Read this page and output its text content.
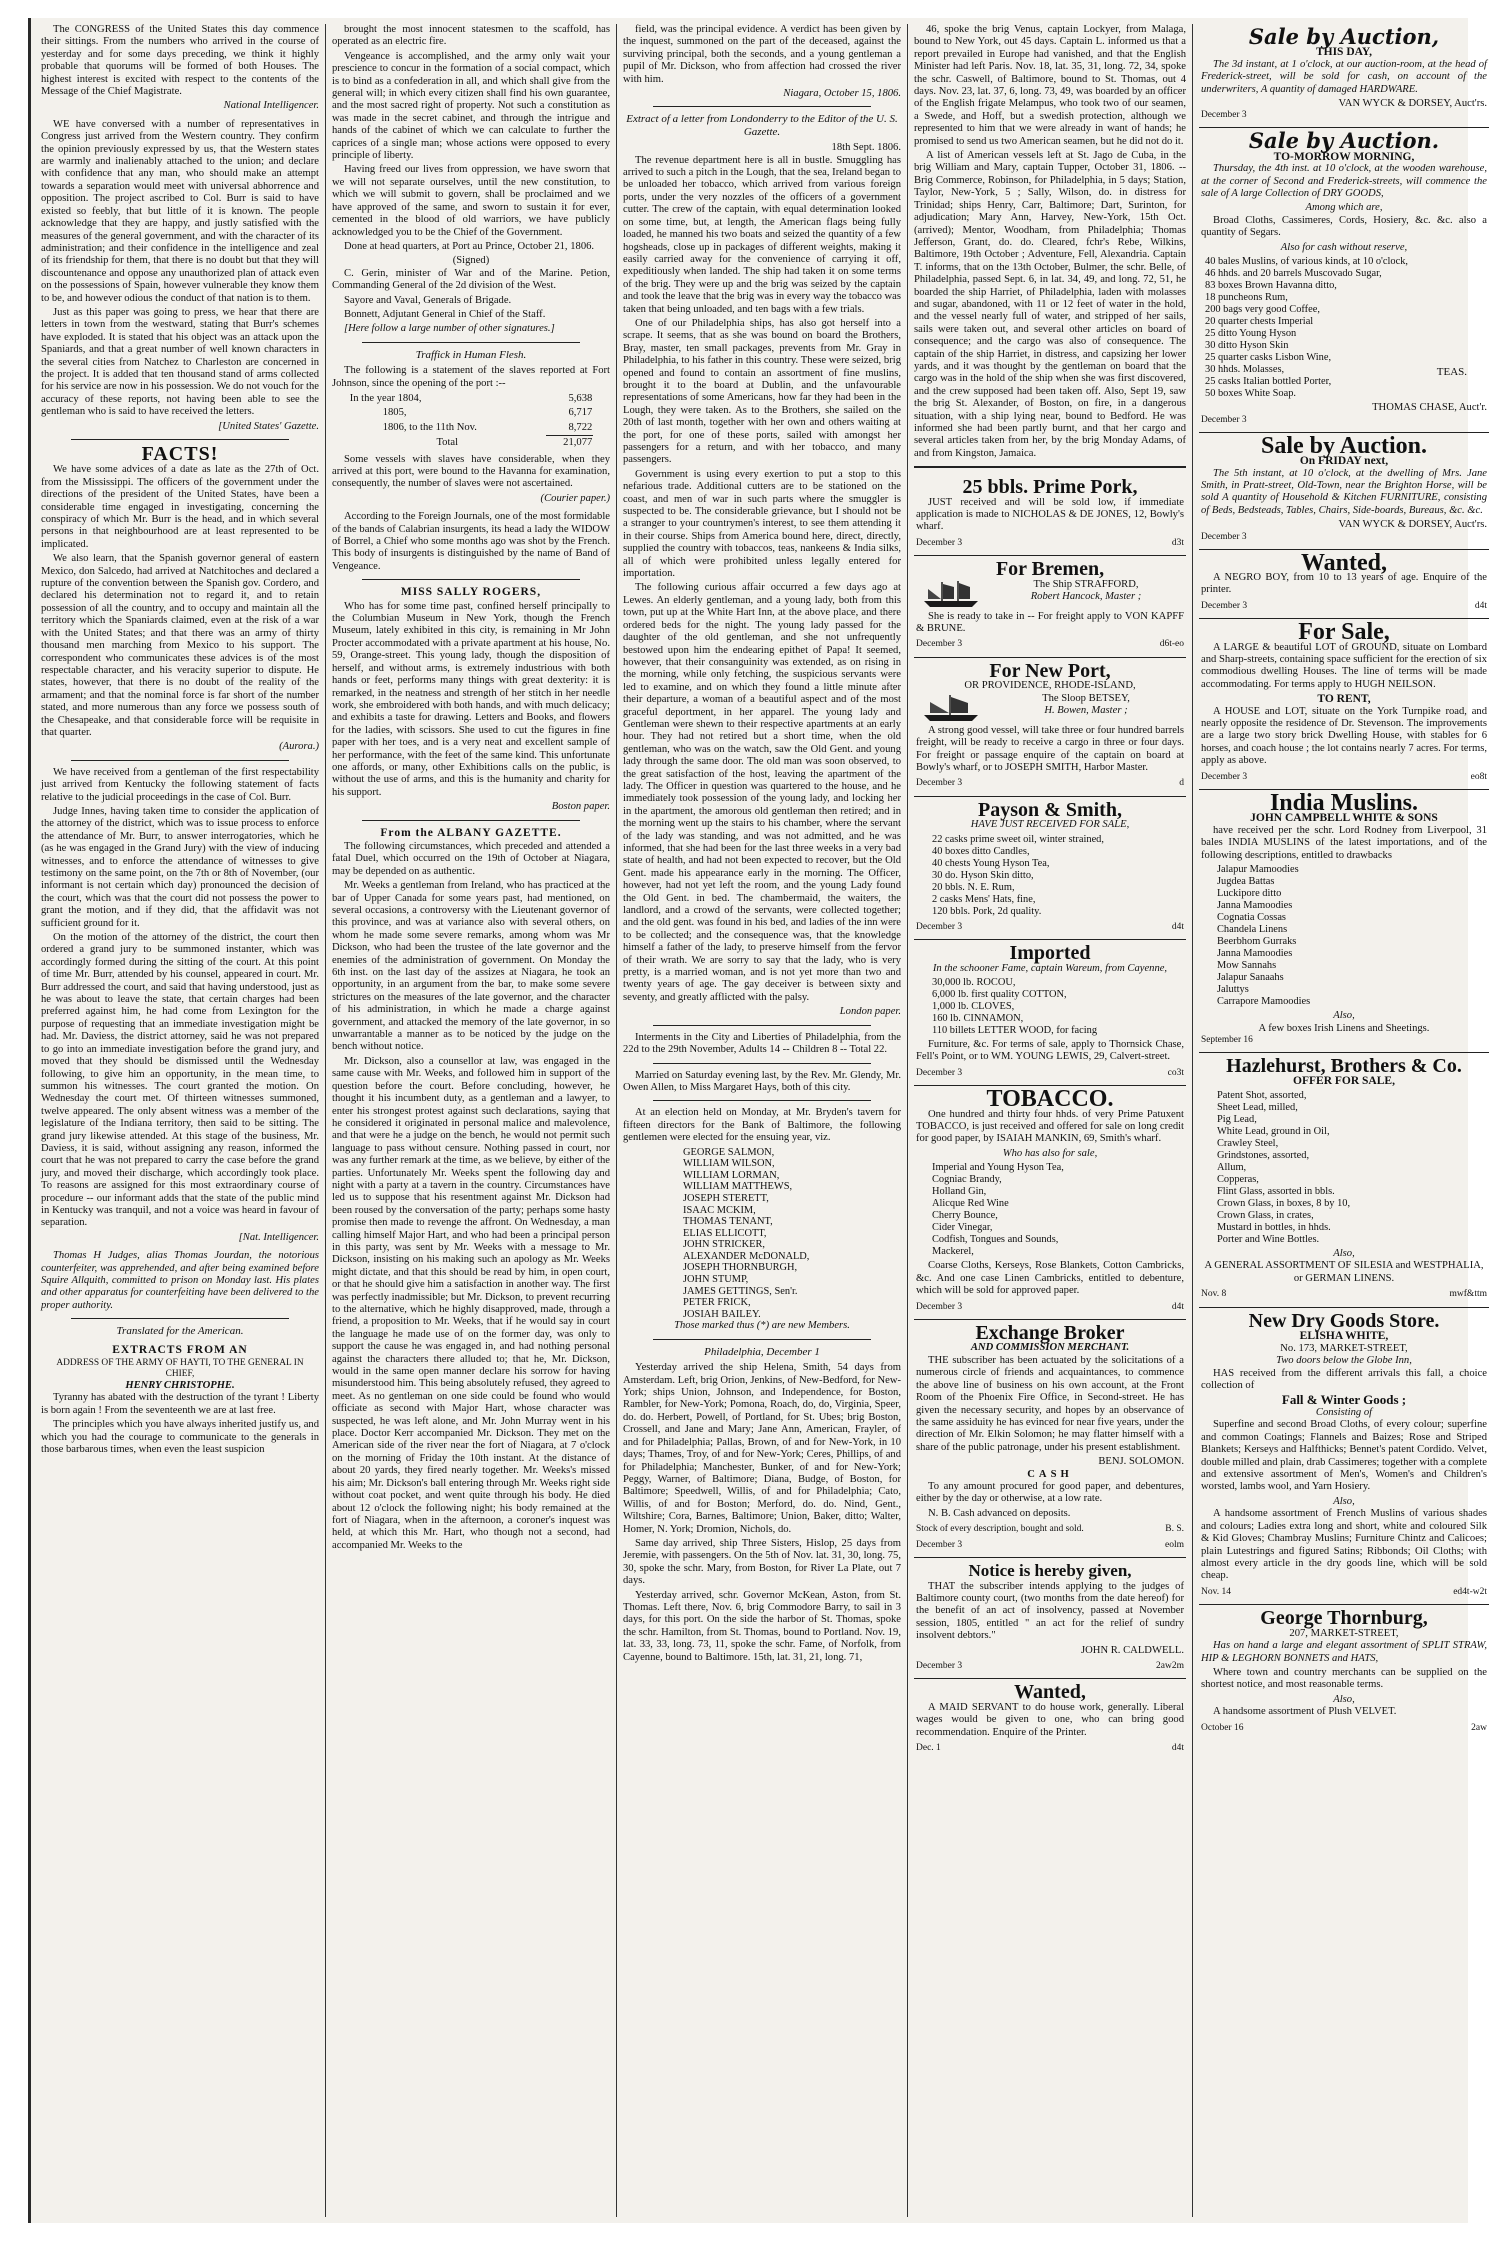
The CONGRESS of the United States this day commence their sittings. From the numbers who arrived in the course of yesterday and for some days preceding, we think it highly probable that quorums will be formed of both Houses. The highest interest is excited with respect to the contents of the Message of the Chief Magistrate.

National Intelligencer.

WE have conversed with a number of representatives in Congress just arrived from the Western country. They confirm the opinion previously expressed by us, that the Western states are warmly and inalienably attached to the union; and declare with confidence that any man, who should make an attempt towards a separation would meet with universal abhorrence and opposition. The project ascribed to Col. Burr is said to have existed so feebly, that but little of it is known. The people acknowledge that they are happy, and justly satisfied with the measures of the general government, and with the character of its administration; and their confidence in the intelligence and zeal of its friendship for them, that there is no doubt but that they will discountenance and oppose any unauthorized plan of attack even on the possessions of Spain, however vulnerable they know them to be, and however odious the conduct of that nation is to them.

Just as this paper was going to press, we hear that there are letters in town from the westward, stating that Burr's schemes have exploded. It is stated that his object was an attack upon the Spaniards, and that a great number of well known characters in the several cities from Natchez to Charleston are concerned in the project. It is added that ten thousand stand of arms collected for his service are now in his possession. We do not vouch for the accuracy of these reports, not having been able to see the gentleman who is said to have received the letters.

[United States' Gazette.
FACTS!

We have some advices of a date as late as the 27th of Oct. from the Mississippi. The officers of the government under the directions of the president of the United States, have been a considerable time engaged in investigating, concerning the conspiracy of which Mr. Burr is the head, and in which several persons in that neighbourhood are at least represented to be implicated.

We also learn, that the Spanish governor general of eastern Mexico, don Salcedo, had arrived at Natchitoches and declared a rupture of the convention between the Spanish gov. Cordero, and declared his determination not to regard it, and to retain possession of all the country, and to occupy and maintain all the territory which the Spaniards claimed, even at the risk of a war with the United States; and that there was an army of thirty thousand men marching from Mexico to his support. The correspondent who communicates these advices is of the most respectable character, and his veracity superior to dispute. He states, however, that there is no doubt of the reality of the armament; and that the nominal force is far short of the number stated, and more numerous than any force we possess south of the Chesapeake, and that considerable force will be requisite in that quarter.

(Aurora.)

We have received from a gentleman of the first respectability just arrived from Kentucky the following statement of facts relative to the judicial proceedings in the case of Col. Burr.

Judge Innes, having taken time to consider the application of the attorney of the district, which was to issue process to enforce the attendance of Mr. Burr, to answer interrogatories, which he (as he was engaged in the Grand Jury) with the view of inducing witnesses, and to enforce the attendance of witnesses to give testimony on the same point, on the 7th or 8th of November, (our informant is not certain which day) pronounced the decision of the court, which was that the court did not possess the power to grant the motion, and if they did, that the affidavit was not sufficient ground for it.

On the motion of the attorney of the district, the court then ordered a grand jury to be summoned instanter, which was accordingly formed during the sitting of the court. At this point of time Mr. Burr, attended by his counsel, appeared in court. Mr. Burr addressed the court, and said that having understood, just as he was about to leave the state, that certain charges had been preferred against him, he had come from Lexington for the purpose of requesting that an immediate investigation might be had. Mr. Daviess, the district attorney, said he was not prepared to go into an immediate investigation before the grand jury, and moved that they should be dismissed until the Wednesday following, to give him an opportunity, in the mean time, to summon his witnesses. The court granted the motion. On Wednesday the court met. Of thirteen witnesses summoned, twelve appeared. The only absent witness was a member of the legislature of the Indiana territory, then said to be sitting. The grand jury likewise attended. At this stage of the business, Mr. Daviess, it is said, without assigning any reason, informed the court that he was not prepared to carry the case before the grand jury, and moved their discharge, which accordingly took place. To reasons are assigned for this most extraordinary course of procedure -- our informant adds that the state of the public mind in Kentucky was tranquil, and not a voice was heard in favour of separation.

[Nat. Intelligencer.

Thomas H Judges, alias Thomas Jourdan, the notorious counterfeiter, was apprehended, and after being examined before Squire Allquith, committed to prison on Monday last. His plates and other apparatus for counterfeiting have been delivered to the proper authority.

Translated for the American.
EXTRACTS FROM AN
ADDRESS OF THE ARMY OF HAYTI, TO THE GENERAL IN CHIEF,
HENRY CHRISTOPHE.

Tyranny has abated with the destruction of the tyrant ! Liberty is born again ! From the seventeenth we are at last free.

The principles which you have always inherited justify us, and which you had the courage to communicate to the generals in those barbarous times, when even the least suspicion

brought the most innocent statesmen to the scaffold, has operated as an electric fire.

Vengeance is accomplished, and the army only wait your prescience to concur in the formation of a social compact, which is to bind as a confederation in all, and which shall give from the general will; in which every citizen shall find his own guarantee, and the most sacred right of property. Not such a constitution as was made in the secret cabinet, and through the intrigue and hands of the cabinet of which we can calculate to further the caprices of a single man; whose actions were opposed to every principle of liberty.

Having freed our lives from oppression, we have sworn that we will not separate ourselves, until the new constitution, to which we will submit to govern, shall be proclaimed and we have approved of the same, and sworn to sustain it for ever, cemented in the blood of old warriors, we have publicly acknowledged you to be the Chief of the Government.

Done at head quarters, at Port au Prince, October 21, 1806.

(Signed)

C. Gerin, minister of War and of the Marine. Petion, Commanding General of the 2d division of the West.

Sayore and Vaval, Generals of Brigade.

Bonnett, Adjutant General in Chief of the Staff.

[Here follow a large number of other signatures.]

Traffick in Human Flesh.

The following is a statement of the slaves reported at Fort Johnson, since the opening of the port :--

In the year 1804,	5,638
1805,	6,717
1806, to the 11th Nov.	8,722
Total	21,077

Some vessels with slaves have considerable, when they arrived at this port, were bound to the Havanna for examination, consequently, the number of slaves were not ascertained.

(Courier paper.)

According to the Foreign Journals, one of the most formidable of the bands of Calabrian insurgents, its head a lady the WIDOW of Borrel, a Chief who some months ago was shot by the French. This body of insurgents is distinguished by the name of Band of Vengeance.

MISS SALLY ROGERS,

Who has for some time past, confined herself principally to the Columbian Museum in New York, though the French Museum, lately exhibited in this city, is remaining in Mr John Procter accommodated with a private apartment at his house, No. 59, Orange-street. This young lady, though the disposition of herself, and without arms, is extremely industrious with both hands or feet, performs many things with great dexterity: it is remarked, in the neatness and strength of her stitch in her needle work, she embroidered with both hands, and with much delicacy; and exhibits a taste for drawing. Letters and Books, and flowers for the ladies, with scissors. She used to cut the figures in fine paper with her toes, and is a very neat and excellent sample of her performance, with the feet of the same kind. This unfortunate one affords, or many, other Exhibitions calls on the public, is without the use of arms, and this is the humanity and charity for his support.

Boston paper.
From the ALBANY GAZETTE.

The following circumstances, which preceded and attended a fatal Duel, which occurred on the 19th of October at Niagara, may be depended on as authentic.

Mr. Weeks a gentleman from Ireland, who has practiced at the bar of Upper Canada for some years past, had mentioned, on several occasions, a controversy with the Lieutenant governor of this province, and was at variance also with several others, on whom he made some severe remarks, among whom was Mr Dickson, who had been the trustee of the late governor and the enemies of the administration of government. On Monday the 6th inst. on the last day of the assizes at Niagara, he took an opportunity, in an argument from the bar, to make some severe strictures on the measures of the late governor, and the character of his administration, in which he made a charge against government, and attacked the memory of the late governor, in so unwarrantable a manner as to be noticed by the judge on the bench without notice.

Mr. Dickson, also a counsellor at law, was engaged in the same cause with Mr. Weeks, and followed him in support of the question before the court. Before concluding, however, he thought it his incumbent duty, as a gentleman and a lawyer, to enter his strongest protest against such declarations, saying that he considered it originated in personal malice and malevolence, and that were he a judge on the bench, he would not permit such language to pass without censure. Nothing passed in court, nor was any further remark at the time, as we believe, by either of the parties. Unfortunately Mr. Weeks spent the following day and night with a party at a tavern in the country. Circumstances have led us to suppose that his resentment against Mr. Dickson had been roused by the conversation of the party; perhaps some hasty promise then made to revenge the affront. On Wednesday, a man calling himself Major Hart, and who had been a principal person in this party, was sent by Mr. Weeks with a message to Mr. Dickson, insisting on his making such an apology as Mr. Weeks might dictate, and that this should be read by him, in open court, or that he should give him a satisfaction in another way. The first was perfectly inadmissible; but Mr. Dickson, to prevent recurring to the alternative, which he highly disapproved, made, through a friend, a proposition to Mr. Weeks, that if he would say in court the language he made use of on the former day, was only to support the cause he was engaged in, and had nothing personal against the characters there alluded to; that he, Mr. Dickson, would in the same open manner declare his sorrow for having misunderstood him. This being absolutely refused, they agreed to meet. As no gentleman on one side could be found who would officiate as second with Major Hart, whose character was suspected, he was left alone, and Mr. John Murray went in his place. Doctor Kerr accompanied Mr. Dickson. They met on the American side of the river near the fort of Niagara, at 7 o'clock on the morning of Friday the 10th instant. At the distance of about 20 yards, they fired nearly together. Mr. Weeks's missed his aim; Mr. Dickson's ball entering through Mr. Weeks right side without coat pocket, and went quite through his body. He died about 12 o'clock the following night; his body remained at the fort of Niagara, when in the afternoon, a coroner's inquest was held, at which this Mr. Hart, who though not a second, had accompanied Mr. Weeks to the

field, was the principal evidence. A verdict has been given by the inquest, summoned on the part of the deceased, against the surviving principal, both the seconds, and a young gentleman a pupil of Mr. Dickson, who from affection had crossed the river with him.

Niagara, October 15, 1806.
Extract of a letter from Londonderry to the Editor of the U. S. Gazette.
18th Sept. 1806.

The revenue department here is all in bustle. Smuggling has arrived to such a pitch in the Lough, that the sea, Ireland began to be unloaded her tobacco, which arrived from various foreign ports, under the very nozzles of the officers of a government cutter. The crew of the captain, with equal determination looked on some time, but, at length, the American flags being fully loaded, he manned his two boats and seized the quantity of a few hogsheads, close up in packages of different weights, making it easily carried away for the convenience of carrying it off, expeditiously when landed. The ship had taken it on some terms of the brig. They were up and the brig was seized by the captain and took the leave that the brig was in every way the tobacco was taken that being unloaded, and ten bags with a few trials.

One of our Philadelphia ships, has also got herself into a scrape. It seems, that as she was bound on board the Brothers, Bray, master, ten small packages, prevents from Mr. Gray in Philadelphia, to his father in this country. These were seized, brig opened and found to contain an assortment of fine muslins, brought it to the board at Dublin, and the unfavourable representations of some Americans, how far they had been in the Lough, they were taken. As to the Brothers, she sailed on the 20th of last month, together with her own and others waiting at the port, for one of these ports, sailed with amongst her passengers for a return, and with her tobacco, and many passengers.

Government is using every exertion to put a stop to this nefarious trade. Additional cutters are to be stationed on the coast, and men of war in such parts where the smuggler is suspected to be. The considerable grievance, but I should not be a stranger to your countrymen's interest, to see them attending it in their course. Ships from America bound here, direct, directly, supplied the country with tobaccos, teas, nankeens & India silks, all of which were prohibited unless legally entered for importation.

The following curious affair occurred a few days ago at Lewes. An elderly gentleman, and a young lady, both from this town, put up at the White Hart Inn, at the above place, and there ordered beds for the night. The young lady passed for the daughter of the old gentleman, and she not unfrequently bestowed upon him the endearing epithet of Papa! It seemed, however, that their consanguinity was extended, as on rising in the morning, while only fetching, the suspicious servants were led to examine, and on which they found a little minute after their departure, a woman of a beautiful aspect and of the most graceful deportment, in her apparel. The young lady and Gentleman were shewn to their respective apartments at an early hour. They had not retired but a short time, when the old gentleman, who was on the watch, saw the Old Gent. and young lady through the same door. The old man was soon observed, to the great satisfaction of the host, leaving the apartment of the lady. The Officer in question was quartered to the house, and he immediately took possession of the young lady, and locking her in the apartment, the amorous old gentleman then retired; and in the morning went up the stairs to his chamber, where the servant of the lady was standing, and was not admitted, and he was informed, that she had been for the last three weeks in a very bad state of health, and had not been expected to recover, but the Old Gent. made his appearance early in the morning. The Officer, however, had not yet left the room, and the young Lady found the Old Gent. in bed. The chambermaid, the waiters, the landlord, and a crowd of the servants, were collected together; and the old gent. was found in his bed, and ladies of the inn were to be collected; and the consequence was, that the knowledge himself a father of the lady, to preserve himself from the fervor of their wrath. We are sorry to say that the lady, who is very pretty, is a married woman, and is not yet more than two and twenty years of age. The gay deceiver is between sixty and seventy, and greatly afflicted with the palsy.

London paper.

Interments in the City and Liberties of Philadelphia, from the 22d to the 29th November, Adults 14 -- Children 8 -- Total 22.

Married on Saturday evening last, by the Rev. Mr. Glendy, Mr. Owen Allen, to Miss Margaret Hays, both of this city.

At an election held on Monday, at Mr. Bryden's tavern for fifteen directors for the Bank of Baltimore, the following gentlemen were elected for the ensuing year, viz.

GEORGE SALMON,
WILLIAM WILSON,
WILLIAM LORMAN,
WILLIAM MATTHEWS,
JOSEPH STERETT,
ISAAC MCKIM,
THOMAS TENANT,
ELIAS ELLICOTT,
JOHN STRICKER,
ALEXANDER McDONALD,
JOSEPH THORNBURGH,
JOHN STUMP,
JAMES GETTINGS, Sen'r.
PETER FRICK,
JOSIAH BAILEY.
Those marked thus (*) are new Members.
Philadelphia, December 1

Yesterday arrived the ship Helena, Smith, 54 days from Amsterdam. Left, brig Orion, Jenkins, of New-Bedford, for New-York; ships Union, Johnson, and Independence, for Boston, Rambler, for New-York; Pomona, Roach, do, do, Virginia, Speer, do. do. Herbert, Powell, of Portland, for St. Ubes; brig Boston, Crossell, and Jane and Mary; Jane Ann, American, Frayler, of and for Philadelphia; Pallas, Brown, of and for New-York, in 10 days; Thames, Troy, of and for New-York; Ceres, Phillips, of and for Philadelphia; Manchester, Bunker, of and for New-York; Peggy, Warner, of Baltimore; Diana, Budge, of Boston, for Baltimore; Speedwell, Willis, of and for Philadelphia; Cato, Willis, of and for Boston; Merford, do. do. Nind, Gent., Wiltshire; Cora, Barnes, Baltimore; Union, Baker, ditto; Walter, Homer, N. York; Dromion, Nichols, do.

Same day arrived, ship Three Sisters, Hislop, 25 days from Jeremie, with passengers. On the 5th of Nov. lat. 31, 30, long. 75, 30, spoke the schr. Mary, from Boston, for River La Plate, out 7 days.

Yesterday arrived, schr. Governor McKean, Aston, from St. Thomas. Left there, Nov. 6, brig Commodore Barry, to sail in 3 days, for this port. On the side the harbor of St. Thomas, spoke the schr. Hamilton, from St. Thomas, bound to Portland. Nov. 19, lat. 33, 33, long. 73, 11, spoke the schr. Fame, of Norfolk, from Cayenne, bound to Baltimore. 15th, lat. 31, 21, long. 71,

46, spoke the brig Venus, captain Lockyer, from Malaga, bound to New York, out 45 days. Captain L. informed us that a report prevailed in Europe had vanished, and that the English Minister had left Paris. Nov. 18, lat. 35, 31, long. 72, 34, spoke the schr. Caswell, of Baltimore, bound to St. Thomas, out 4 days. Nov. 23, lat. 37, 6, long. 73, 49, was boarded by an officer of the English frigate Melampus, who took two of our seamen, a Swede, and Hoff, but a swedish protection, although we represented to him that we were already in want of hands; he promised to send us two American seamen, but he did not do it.

A list of American vessels left at St. Jago de Cuba, in the brig William and Mary, captain Tupper, October 31, 1806. -- Brig Commerce, Robinson, for Philadelphia, in 5 days; Station, Taylor, New-York, 5 ; Sally, Wilson, do. in distress for Trinidad; ships Henry, Carr, Baltimore; Dart, Surinton, for adjudication; Mary Ann, Harvey, New-York, 15th Oct. (arrived); Mentor, Woodham, from Philadelphia; Thomas Jefferson, Grant, do. do. Cleared, fchr's Rebe, Wilkins, Baltimore, 19th October ; Adventure, Fell, Alexandria. Captain T. informs, that on the 13th October, Bulmer, the schr. Belle, of Philadelphia, passed Sept. 6, in lat. 34, 49, and long. 72, 51, he boarded the ship Harriet, of Philadelphia, laden with molasses and sugar, abandoned, with 11 or 12 feet of water in the hold, and the vessel nearly full of water, and stripped of her sails, sails were taken out, and several other articles on board of consequence; and the cargo was also of consequence. The captain of the ship Harriet, in distress, and capsizing her lower yards, and it was thought by the gentleman on board that the cargo was in the hold of the ship when she was first discovered, and the crew supposed had been taken off. Also, Sept 19, saw the brig St. Alexander, of Boston, on fire, in a dangerous situation, with a ship lying near, bound to Bedford. He was informed she had been partly burnt, and that her cargo and several articles taken from her, by the brig Monday Adams, of and from Kingston, Jamaica.

25 bbls. Prime Pork,

JUST received and will be sold low, if immediate application is made to NICHOLAS & DE JONES, 12, Bowly's wharf.

December 3	d3t
For Bremen,
The Ship STRAFFORD,
Robert Hancock, Master ;

She is ready to take in -- For freight apply to VON KAPFF & BRUNE.

December 3	d6t-eo
For New Port,
OR PROVIDENCE, RHODE-ISLAND,
The Sloop BETSEY,
H. Bowen, Master ;

A strong good vessel, will take three or four hundred barrels freight, will be ready to receive a cargo in three or four days. For freight or passage enquire of the captain on board at Bowly's wharf, or to JOSEPH SMITH, Harbor Master.

December 3	d
Payson & Smith,
HAVE JUST RECEIVED FOR SALE,
22 casks prime sweet oil, winter strained,
40 boxes ditto Candles,
40 chests Young Hyson Tea,
30 do. Hyson Skin ditto,
20 bbls. N. E. Rum,
2 casks Mens' Hats, fine,
120 bbls. Pork, 2d quality.
December 3	d4t
Imported
In the schooner Fame, captain Wareum, from Cayenne,
30,000 lb. ROCOU,
6,000 lb. first quality COTTON,
1,000 lb. CLOVES,
160 lb. CINNAMON,
110 billets LETTER WOOD, for facing

Furniture, &c. For terms of sale, apply to Thornsick Chase, Fell's Point, or to WM. YOUNG LEWIS, 29, Calvert-street.

December 3	co3t
TOBACCO.

One hundred and thirty four hhds. of very Prime Patuxent TOBACCO, is just received and offered for sale on long credit for good paper, by ISAIAH MANKIN, 69, Smith's wharf.

Who has also for sale,
Imperial and Young Hyson Tea,
Cogniac Brandy,
Holland Gin,
Alicque Red Wine
Cherry Bounce,
Cider Vinegar,
Codfish, Tongues and Sounds,
Mackerel,

Coarse Cloths, Kerseys, Rose Blankets, Cotton Cambricks, &c. And one case Linen Cambricks, entitled to debenture, which will be sold for approved paper.

December 3	d4t
Exchange Broker
AND COMMISSION MERCHANT.

THE subscriber has been actuated by the solicitations of a numerous circle of friends and acquaintances, to commence the above line of business on his own account, at the Front Room of the Phoenix Fire Office, in Second-street. He has given the necessary security, and hopes by an observance of the same assiduity he has evinced for near five years, under the direction of Mr. Elkin Solomon; he may flatter himself with a share of the public patronage, under his present establishment.

BENJ. SOLOMON.
CASH

To any amount procured for good paper, and debentures, either by the day or otherwise, at a low rate.

N. B. Cash advanced on deposits.

Stock of every description, bought and sold.	B. S.
December 3	eolm
Notice is hereby given,

THAT the subscriber intends applying to the judges of Baltimore county court, (two months from the date hereof) for the benefit of an act of insolvency, passed at November session, 1805, entitled " an act for the relief of sundry insolvent debtors."

JOHN R. CALDWELL.
December 3	2aw2m
Wanted,

A MAID SERVANT to do house work, generally. Liberal wages would be given to one, who can bring good recommendation. Enquire of the Printer.

Dec. 1	d4t
Sale by Auction,
THIS DAY,

The 3d instant, at 1 o'clock, at our auction-room, at the head of Frederick-street, will be sold for cash, on account of the underwriters, A quantity of damaged HARDWARE.

VAN WYCK & DORSEY, Auct'rs.
December 3
Sale by Auction.
TO-MORROW MORNING,

Thursday, the 4th inst. at 10 o'clock, at the wooden warehouse, at the corner of Second and Frederick-streets, will commence the sale of A large Collection of DRY GOODS,

Among which are,

Broad Cloths, Cassimeres, Cords, Hosiery, &c. &c. also a quantity of Segars.

Also for cash without reserve,
40 bales Muslins, of various kinds, at 10 o'clock,
46 hhds. and 20 barrels Muscovado Sugar,
83 boxes Brown Havanna ditto,
18 puncheons Rum,
200 bags very good Coffee,
20 quarter chests Imperial
25 ditto Young Hyson
30 ditto Hyson Skin
25 quarter casks Lisbon Wine,
30 hhds. Molasses,
25 casks Italian bottled Porter,
50 boxes White Soap.
TEAS.
THOMAS CHASE, Auct'r.
December 3
Sale by Auction.
On FRIDAY next,

The 5th instant, at 10 o'clock, at the dwelling of Mrs. Jane Smith, in Pratt-street, Old-Town, near the Brighton Horse, will be sold A quantity of Household & Kitchen FURNITURE, consisting of Beds, Bedsteads, Tables, Chairs, Side-boards, Bureaus, &c. &c.

VAN WYCK & DORSEY, Auct'rs.
December 3
Wanted,

A NEGRO BOY, from 10 to 13 years of age. Enquire of the printer.

December 3	d4t
For Sale,

A LARGE & beautiful LOT of GROUND, situate on Lombard and Sharp-streets, containing space sufficient for the erection of six commodious dwelling Houses. The line of terms will be made accommodating. For terms apply to HUGH NEILSON.

TO RENT,

A HOUSE and LOT, situate on the York Turnpike road, and nearly opposite the residence of Dr. Stevenson. The improvements are a large two story brick Dwelling House, with stables for 6 horses, and coach house ; the lot contains nearly 7 acres. For terms, apply as above.

December 3	eo8t
India Muslins.
JOHN CAMPBELL WHITE & SONS

have received per the schr. Lord Rodney from Liverpool, 31 bales INDIA MUSLINS of the latest importations, and of the following descriptions, entitled to drawbacks

Jalapur Mamoodies
Jugdea Battas
Luckipore ditto
Janna Mamoodies
Cognatia Cossas
Chandela Linens
Beerbhom Gurraks
Janna Mamoodies
Mow Sannahs
Jalapur Sanaahs
Jaluttys
Carrapore Mamoodies
Also,
A few boxes Irish Linens and Sheetings.
September 16
Hazlehurst, Brothers & Co.
OFFER FOR SALE,
Patent Shot, assorted,
Sheet Lead, milled,
Pig Lead,
White Lead, ground in Oil,
Crawley Steel,
Grindstones, assorted,
Allum,
Copperas,
Flint Glass, assorted in bbls.
Crown Glass, in boxes, 8 by 10,
Crown Glass, in crates,
Mustard in bottles, in hhds.
Porter and Wine Bottles.
Also,
A GENERAL ASSORTMENT OF SILESIA and WESTPHALIA, or GERMAN LINENS.
Nov. 8	mwf&ttm
New Dry Goods Store.
ELISHA WHITE,
No. 173, MARKET-STREET,
Two doors below the Globe Inn,

HAS received from the different arrivals this fall, a choice collection of

Fall & Winter Goods ;
Consisting of

Superfine and second Broad Cloths, of every colour; superfine and common Coatings; Flannels and Baizes; Rose and Striped Blankets; Kerseys and Halfthicks; Bennet's patent Cordido. Velvet, double milled and plain, drab Cassimeres; together with a complete and extensive assortment of Men's, Women's and Children's worsted, lambs wool, and Yarn Hosiery.

Also,

A handsome assortment of French Muslins of various shades and colours; Ladies extra long and short, white and coloured Silk & Kid Gloves; Chambray Muslins; Furniture Chintz and Calicoes; plain Lutestrings and figured Satins; Ribbonds; Oil Cloths; with almost every article in the dry goods line, which will be sold cheap.

Nov. 14	ed4t-w2t
George Thornburg,
207, MARKET-STREET,

Has on hand a large and elegant assortment of SPLIT STRAW, HIP & LEGHORN BONNETS and HATS,

Where town and country merchants can be supplied on the shortest notice, and most reasonable terms.

Also,

A handsome assortment of Plush VELVET.

October 16	2aw
